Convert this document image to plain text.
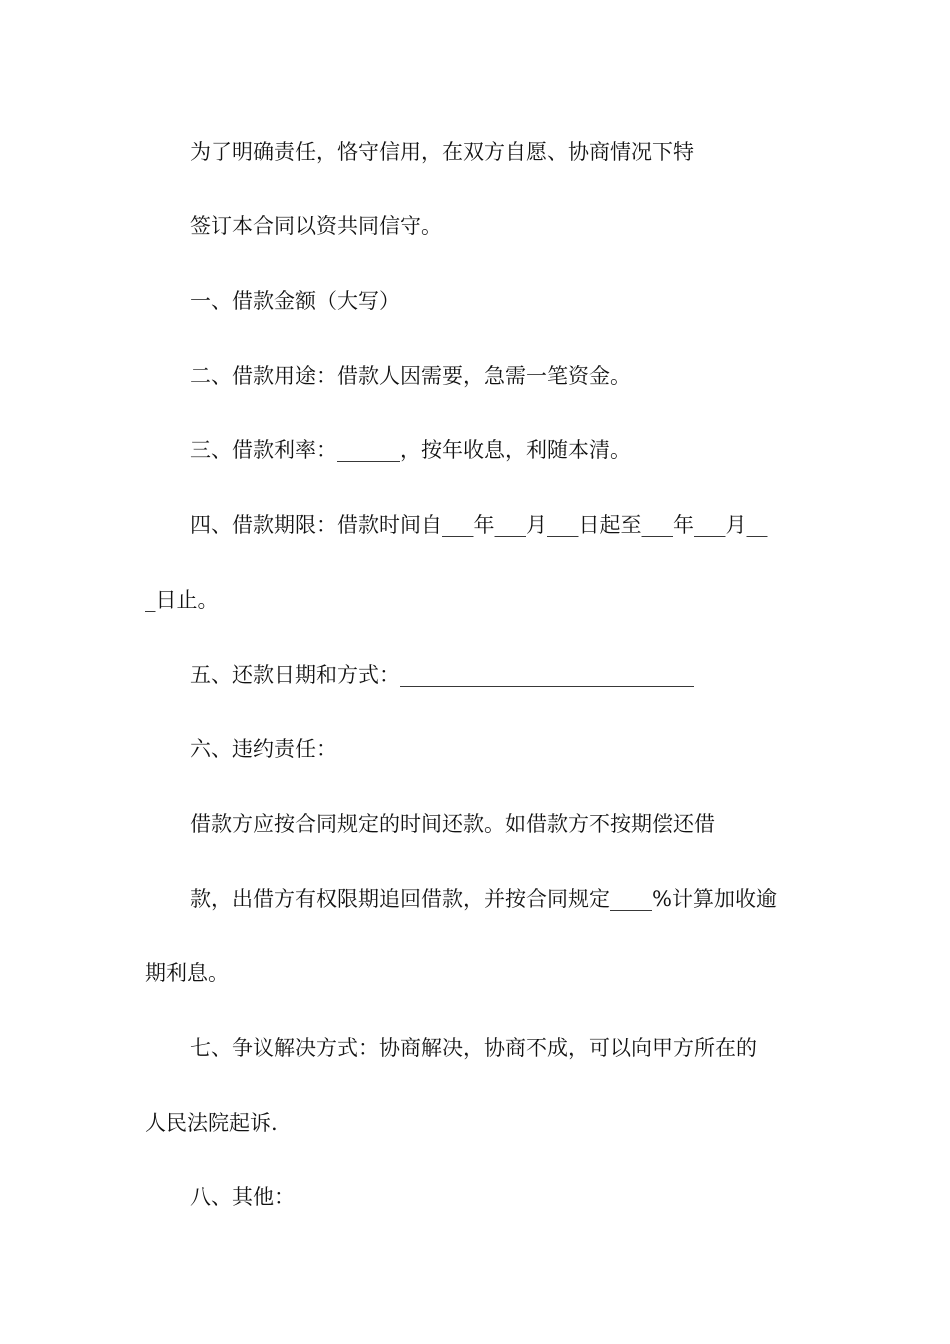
为了明确责任，恪守信用，在双方自愿、协商情况下特
签订本合同以资共同信守。
一、借款金额（大写）
二、借款用途：借款人因需要，急需一笔资金。
三、借款利率：______，按年收息，利随本清。
四、借款期限：借款时间自___年___月___日起至___年___月__
_日止。
五、还款日期和方式：____________________________
六、违约责任：
借款方应按合同规定的时间还款。如借款方不按期偿还借
款，出借方有权限期追回借款，并按合同规定____%计算加收逾
期利息。
七、争议解决方式：协商解决，协商不成，可以向甲方所在的
人民法院起诉.
八、其他：
